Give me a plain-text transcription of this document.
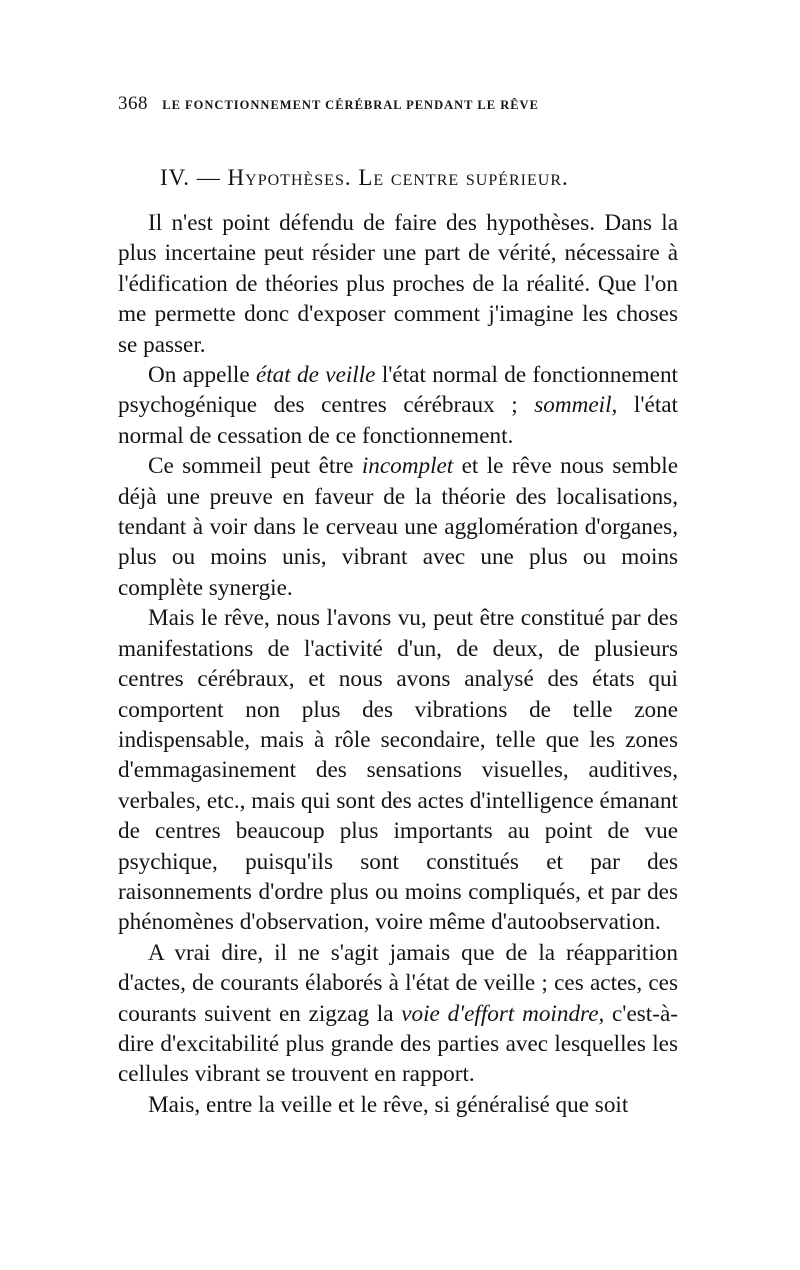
368 LE FONCTIONNEMENT CÉRÉBRAL PENDANT LE RÊVE
IV. — Hypothèses. Le centre supérieur.

Il n'est point défendu de faire des hypothèses. Dans la plus incertaine peut résider une part de vérité, nécessaire à l'édification de théories plus proches de la réalité. Que l'on me permette donc d'exposer comment j'imagine les choses se passer.

On appelle état de veille l'état normal de fonctionnement psychogénique des centres cérébraux ; sommeil, l'état normal de cessation de ce fonctionnement.

Ce sommeil peut être incomplet et le rêve nous semble déjà une preuve en faveur de la théorie des localisations, tendant à voir dans le cerveau une agglomération d'organes, plus ou moins unis, vibrant avec une plus ou moins complète synergie.

Mais le rêve, nous l'avons vu, peut être constitué par des manifestations de l'activité d'un, de deux, de plusieurs centres cérébraux, et nous avons analysé des états qui comportent non plus des vibrations de telle zone indispensable, mais à rôle secondaire, telle que les zones d'emmagasinement des sensations visuelles, auditives, verbales, etc., mais qui sont des actes d'intelligence émanant de centres beaucoup plus importants au point de vue psychique, puisqu'ils sont constitués et par des raisonnements d'ordre plus ou moins compliqués, et par des phénomènes d'observation, voire même d'autoobservation.

A vrai dire, il ne s'agit jamais que de la réapparition d'actes, de courants élaborés à l'état de veille ; ces actes, ces courants suivent en zigzag la voie d'effort moindre, c'est-à-dire d'excitabilité plus grande des parties avec lesquelles les cellules vibrant se trouvent en rapport.

Mais, entre la veille et le rêve, si généralisé que soit
